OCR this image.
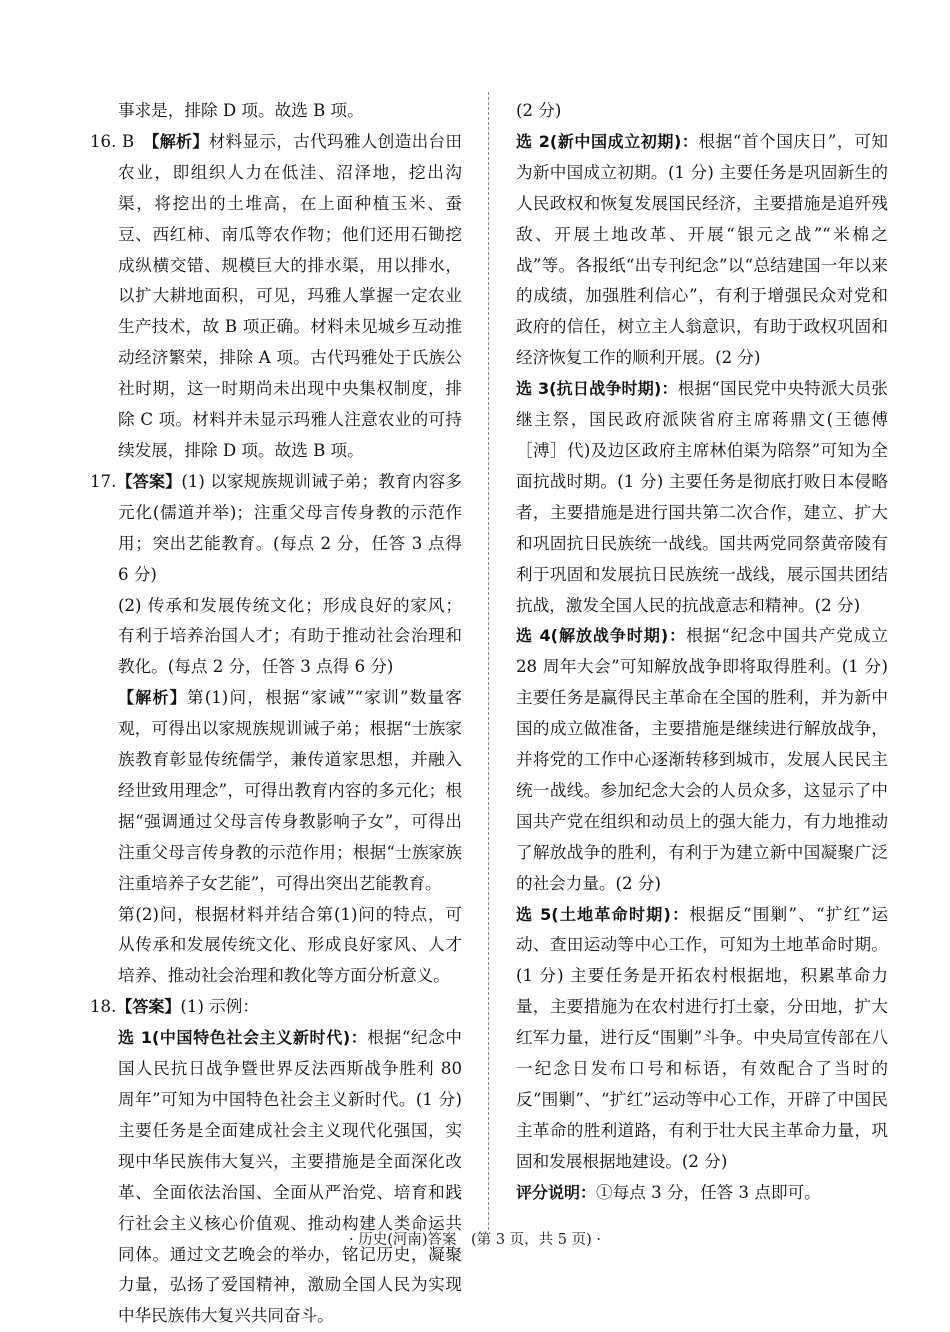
事求是，排除 D 项。故选 B 项。

16. B　 【解析】材料显示，古代玛雅人创造出台田农业，即组织人力在低洼、沼泽地，挖出沟渠，将挖出的土堆高，在上面种植玉米、蚕豆、西红柿、南瓜等农作物；他们还用石锄挖成纵横交错、规模巨大的排水渠，用以排水，以扩大耕地面积，可见，玛雅人掌握一定农业生产技术，故 B 项正确。材料未见城乡互动推动经济繁荣，排除 A 项。古代玛雅处于氏族公社时期，这一时期尚未出现中央集权制度，排除 C 项。材料并未显示玛雅人注意农业的可持续发展，排除 D 项。故选 B 项。

17.【答案】(1) 以家规族规训诫子弟；教育内容多元化(儒道并举)；注重父母言传身教的示范作用；突出艺能教育。(每点 2 分，任答 3 点得 6 分)

(2) 传承和发展传统文化；形成良好的家风；有利于培养治国人才；有助于推动社会治理和教化。(每点 2 分，任答 3 点得 6 分)

【解析】第(1)问，根据“家诫”“家训”数量客观，可得出以家规族规训诫子弟；根据“士族家族教育彰显传统儒学，兼传道家思想，并融入经世致用理念”，可得出教育内容的多元化；根据“强调通过父母言传身教影响子女”，可得出注重父母言传身教的示范作用；根据“士族家族注重培养子女艺能”，可得出突出艺能教育。

第(2)问，根据材料并结合第(1)问的特点，可从传承和发展传统文化、形成良好家风、人才培养、推动社会治理和教化等方面分析意义。

18.【答案】(1) 示例：

选 1(中国特色社会主义新时代)：根据“纪念中国人民抗日战争暨世界反法西斯战争胜利 80 周年”可知为中国特色社会主义新时代。(1 分) 主要任务是全面建成社会主义现代化强国，实现中华民族伟大复兴，主要措施是全面深化改革、全面依法治国、全面从严治党、培育和践行社会主义核心价值观、推动构建人类命运共同体。通过文艺晚会的举办，铭记历史，凝聚力量，弘扬了爱国精神，激励全国人民为实现中华民族伟大复兴共同奋斗。

(2 分)

选 2(新中国成立初期)：根据“首个国庆日”，可知为新中国成立初期。(1 分) 主要任务是巩固新生的人民政权和恢复发展国民经济，主要措施是追歼残敌、开展土地改革、开展“银元之战”“米棉之战”等。各报纸“出专刊纪念”以“总结建国一年以来的成绩，加强胜利信心”，有利于增强民众对党和政府的信任，树立主人翁意识，有助于政权巩固和经济恢复工作的顺利开展。(2 分)

选 3(抗日战争时期)：根据“国民党中央特派大员张继主祭，国民政府派陕省府主席蒋鼎文(王德傅［溥］代)及边区政府主席林伯渠为陪祭”可知为全面抗战时期。(1 分) 主要任务是彻底打败日本侵略者，主要措施是进行国共第二次合作，建立、扩大和巩固抗日民族统一战线。国共两党同祭黄帝陵有利于巩固和发展抗日民族统一战线，展示国共团结抗战，激发全国人民的抗战意志和精神。(2 分)

选 4(解放战争时期)：根据“纪念中国共产党成立 28 周年大会”可知解放战争即将取得胜利。(1 分) 主要任务是赢得民主革命在全国的胜利，并为新中国的成立做准备，主要措施是继续进行解放战争，并将党的工作中心逐渐转移到城市，发展人民民主统一战线。参加纪念大会的人员众多，这显示了中国共产党在组织和动员上的强大能力，有力地推动了解放战争的胜利，有利于为建立新中国凝聚广泛的社会力量。(2 分)

选 5(土地革命时期)：根据反“围剿”、“扩红”运动、查田运动等中心工作，可知为土地革命时期。(1 分) 主要任务是开拓农村根据地，积累革命力量，主要措施为在农村进行打土豪，分田地，扩大红军力量，进行反“围剿”斗争。中央局宣传部在八一纪念日发布口号和标语，有效配合了当时的反“围剿”、“扩红”运动等中心工作，开辟了中国民主革命的胜利道路，有利于壮大民主革命力量，巩固和发展根据地建设。(2 分)

评分说明：①每点 3 分，任答 3 点即可。

· 历史(河南)答案　(第 3 页，共 5 页) ·
